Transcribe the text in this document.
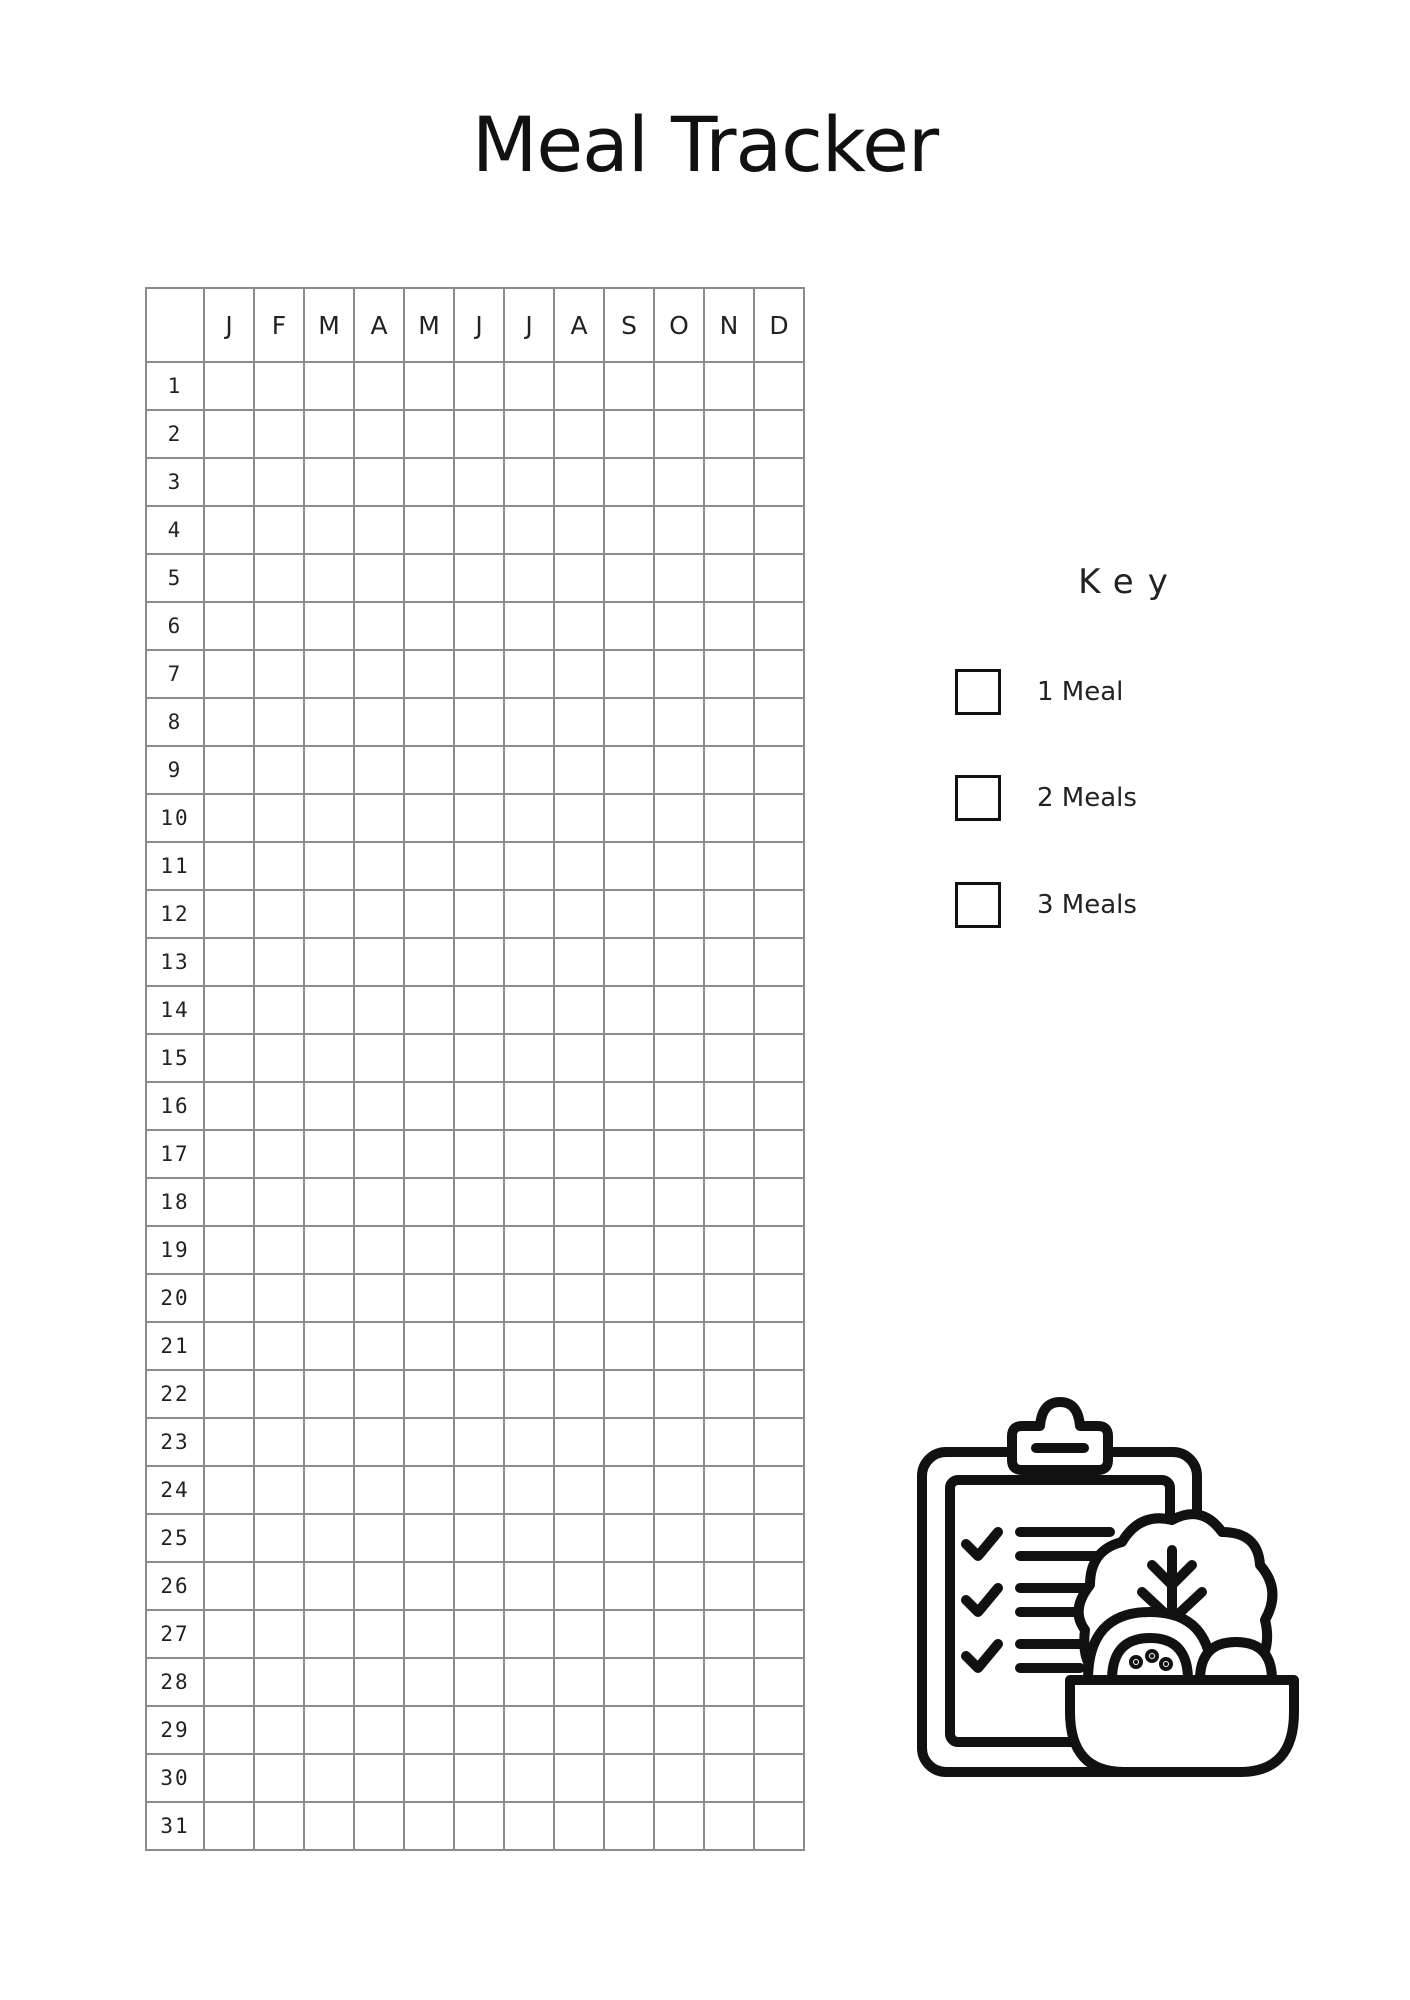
Meal Tracker
	J	F	M	A	M	J	J	A	S	O	N	D
1												
2												
3												
4												
5												
6												
7												
8												
9												
10												
11												
12												
13												
14												
15												
16												
17												
18												
19												
20												
21												
22												
23												
24												
25												
26												
27												
28												
29												
30												
31												
Key
1 Meal
2 Meals
3 Meals
